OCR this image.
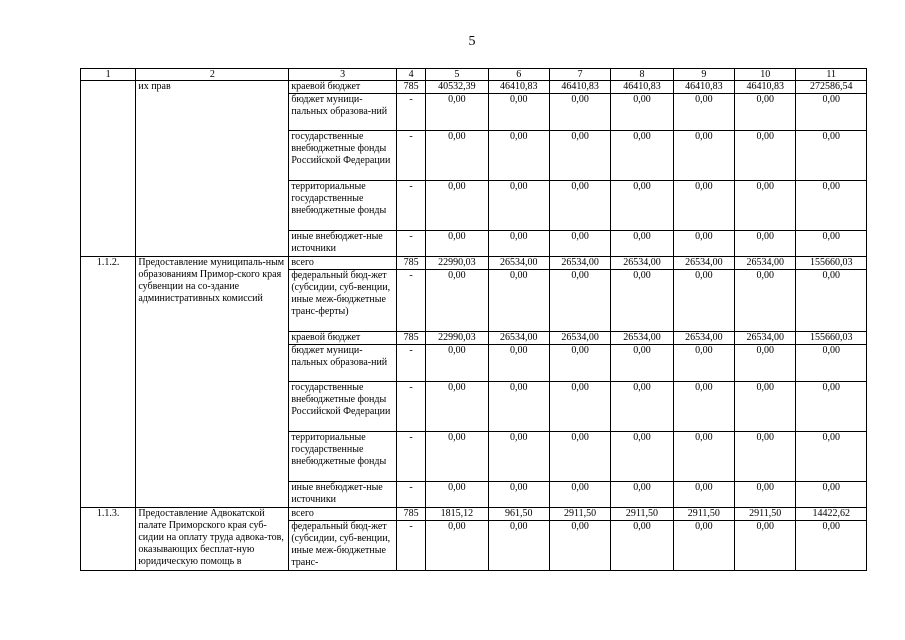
5
1	2	3	4	5	6	7	8	9	10	11
	их прав	краевой бюджет	785	40532,39	46410,83	46410,83	46410,83	46410,83	46410,83	272586,54
		бюджет муници-пальных образова-ний	-	0,00	0,00	0,00	0,00	0,00	0,00	0,00
		государственные внебюджетные фонды Российской Федерации	-	0,00	0,00	0,00	0,00	0,00	0,00	0,00
		территориальные государственные внебюджетные фонды	-	0,00	0,00	0,00	0,00	0,00	0,00	0,00
		иные внебюджет-ные источники	-	0,00	0,00	0,00	0,00	0,00	0,00	0,00
1.1.2.	Предоставление муниципаль-ным образованиям Примор-ского края субвенции на со-здание административных комиссий	всего	785	22990,03	26534,00	26534,00	26534,00	26534,00	26534,00	155660,03
		федеральный бюд-жет (субсидии, суб-венции, иные меж-бюджетные транс-ферты)	-	0,00	0,00	0,00	0,00	0,00	0,00	0,00
		краевой бюджет	785	22990,03	26534,00	26534,00	26534,00	26534,00	26534,00	155660,03
		бюджет муници-пальных образова-ний	-	0,00	0,00	0,00	0,00	0,00	0,00	0,00
		государственные внебюджетные фонды Российской Федерации	-	0,00	0,00	0,00	0,00	0,00	0,00	0,00
		территориальные государственные внебюджетные фонды	-	0,00	0,00	0,00	0,00	0,00	0,00	0,00
		иные внебюджет-ные источники	-	0,00	0,00	0,00	0,00	0,00	0,00	0,00
1.1.3.	Предоставление Адвокатской палате Приморского края суб-сидии на оплату труда адвока-тов, оказывающих бесплат-ную юридическую помощь в	всего	785	1815,12	961,50	2911,50	2911,50	2911,50	2911,50	14422,62
		федеральный бюд-жет (субсидии, суб-венции, иные меж-бюджетные транс-	-	0,00	0,00	0,00	0,00	0,00	0,00	0,00
